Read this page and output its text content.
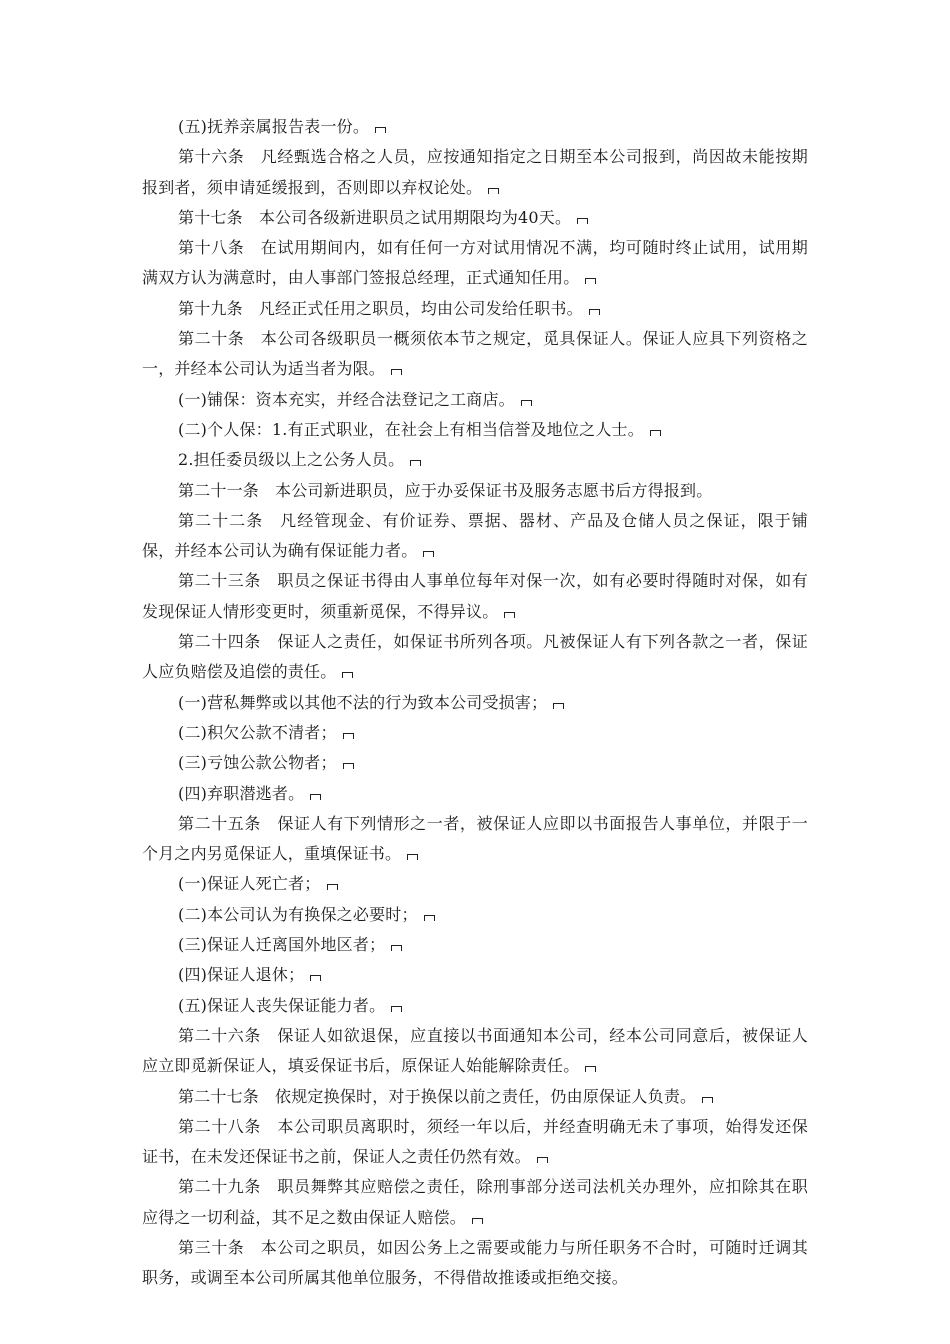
(五)抚养亲属报告表一份。

第十六条 凡经甄选合格之人员，应按通知指定之日期至本公司报到，尚因故未能按期报到者，须申请延缓报到，否则即以弃权论处。

第十七条 本公司各级新进职员之试用期限均为40天。

第十八条 在试用期间内，如有任何一方对试用情况不满，均可随时终止试用，试用期满双方认为满意时，由人事部门签报总经理，正式通知任用。

第十九条 凡经正式任用之职员，均由公司发给任职书。

第二十条 本公司各级职员一概须依本节之规定，觅具保证人。保证人应具下列资格之一，并经本公司认为适当者为限。

(一)铺保：资本充实，并经合法登记之工商店。

(二)个人保：1.有正式职业，在社会上有相当信誉及地位之人士。

2.担任委员级以上之公务人员。

第二十一条 本公司新进职员，应于办妥保证书及服务志愿书后方得报到。

第二十二条 凡经管现金、有价证券、票据、器材、产品及仓储人员之保证，限于铺保，并经本公司认为确有保证能力者。

第二十三条 职员之保证书得由人事单位每年对保一次，如有必要时得随时对保，如有发现保证人情形变更时，须重新觅保，不得异议。

第二十四条 保证人之责任，如保证书所列各项。凡被保证人有下列各款之一者，保证人应负赔偿及追偿的责任。

(一)营私舞弊或以其他不法的行为致本公司受损害；

(二)积欠公款不清者；

(三)亏蚀公款公物者；

(四)弃职潜逃者。

第二十五条 保证人有下列情形之一者，被保证人应即以书面报告人事单位，并限于一个月之内另觅保证人，重填保证书。

(一)保证人死亡者；

(二)本公司认为有换保之必要时；

(三)保证人迁离国外地区者；

(四)保证人退休；

(五)保证人丧失保证能力者。

第二十六条 保证人如欲退保，应直接以书面通知本公司，经本公司同意后，被保证人应立即觅新保证人，填妥保证书后，原保证人始能解除责任。

第二十七条 依规定换保时，对于换保以前之责任，仍由原保证人负责。

第二十八条 本公司职员离职时，须经一年以后，并经查明确无未了事项，始得发还保证书，在未发还保证书之前，保证人之责任仍然有效。

第二十九条 职员舞弊其应赔偿之责任，除刑事部分送司法机关办理外，应扣除其在职应得之一切利益，其不足之数由保证人赔偿。

第三十条 本公司之职员，如因公务上之需要或能力与所任职务不合时，可随时迁调其职务，或调至本公司所属其他单位服务，不得借故推诿或拒绝交接。
